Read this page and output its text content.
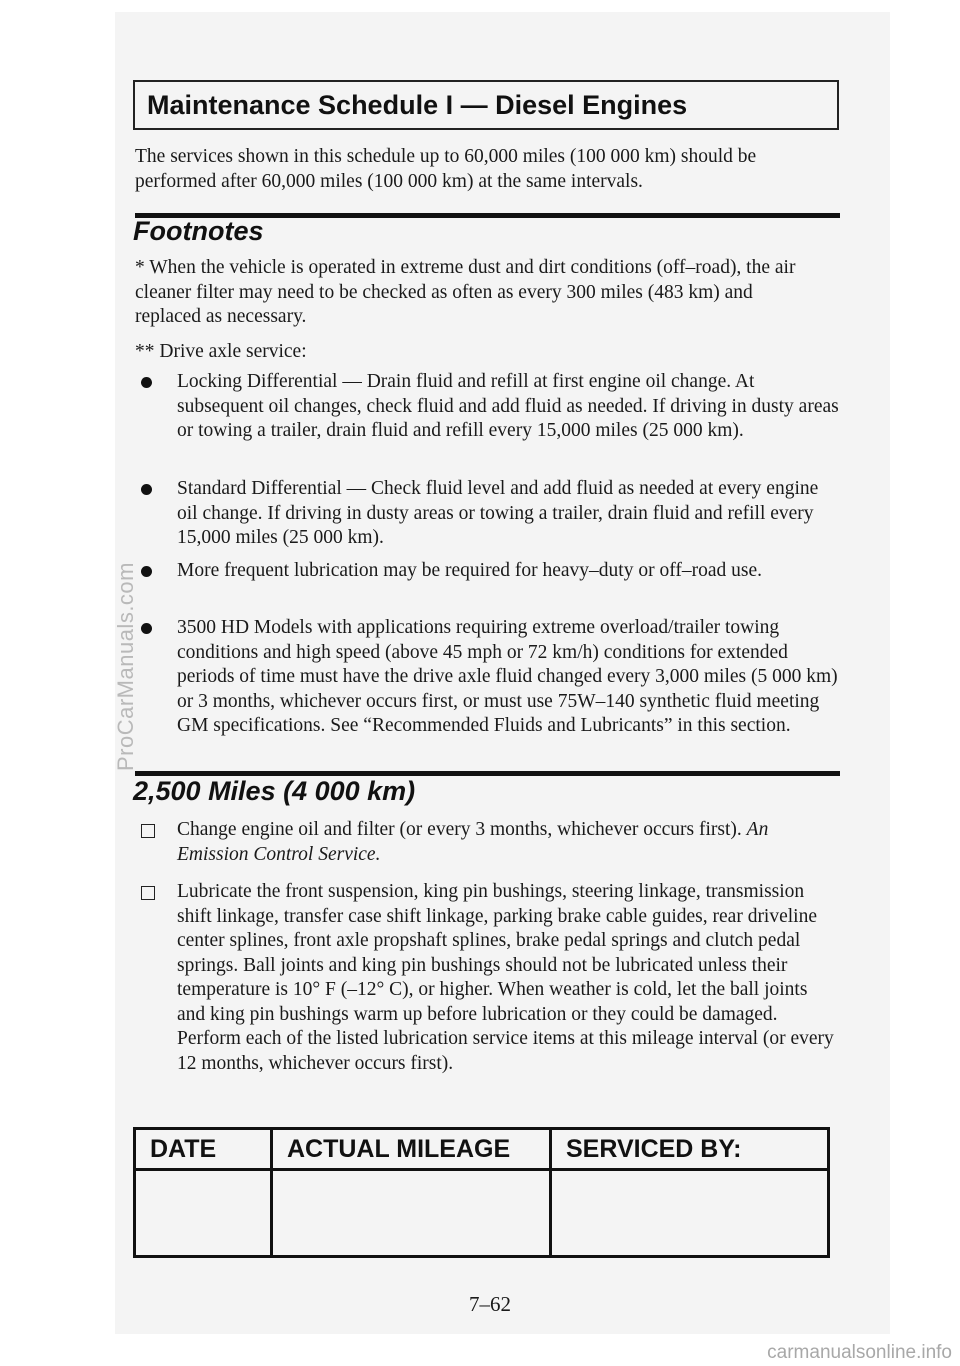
Maintenance Schedule I — Diesel Engines

The services shown in this schedule up to 60,000 miles (100 000 km) should be performed after 60,000 miles (100 000 km) at the same intervals.

Footnotes

* When the vehicle is operated in extreme dust and dirt conditions (off–road), the air cleaner filter may need to be checked as often as every 300 miles (483 km) and replaced as necessary.

** Drive axle service:

Locking Differential — Drain fluid and refill at first engine oil change. At subsequent oil changes, check fluid and add fluid as needed. If driving in dusty areas or towing a trailer, drain fluid and refill every 15,000 miles (25 000 km).

Standard Differential — Check fluid level and add fluid as needed at every engine oil change. If driving in dusty areas or towing a trailer, drain fluid and refill every 15,000 miles (25 000 km).

More frequent lubrication may be required for heavy–duty or off–road use.

3500 HD Models with applications requiring extreme overload/trailer towing conditions and high speed (above 45 mph or 72 km/h) conditions for extended periods of time must have the drive axle fluid changed every 3,000 miles (5 000 km) or 3 months, whichever occurs first, or must use 75W–140 synthetic fluid meeting GM specifications. See “Recommended Fluids and Lubricants” in this section.

2,500 Miles (4 000 km)

Change engine oil and filter (or every 3 months, whichever occurs first). An Emission Control Service.

Lubricate the front suspension, king pin bushings, steering linkage, transmission shift linkage, transfer case shift linkage, parking brake cable guides, rear driveline center splines, front axle propshaft splines, brake pedal springs and clutch pedal springs. Ball joints and king pin bushings should not be lubricated unless their temperature is 10° F (–12° C), or higher. When weather is cold, let the ball joints and king pin bushings warm up before lubrication or they could be damaged. Perform each of the listed lubrication service items at this mileage interval (or every 12 months, whichever occurs first).

DATE	ACTUAL MILEAGE	SERVICED BY:

7–62
ProCarManuals.com
carmanualsonline.info
